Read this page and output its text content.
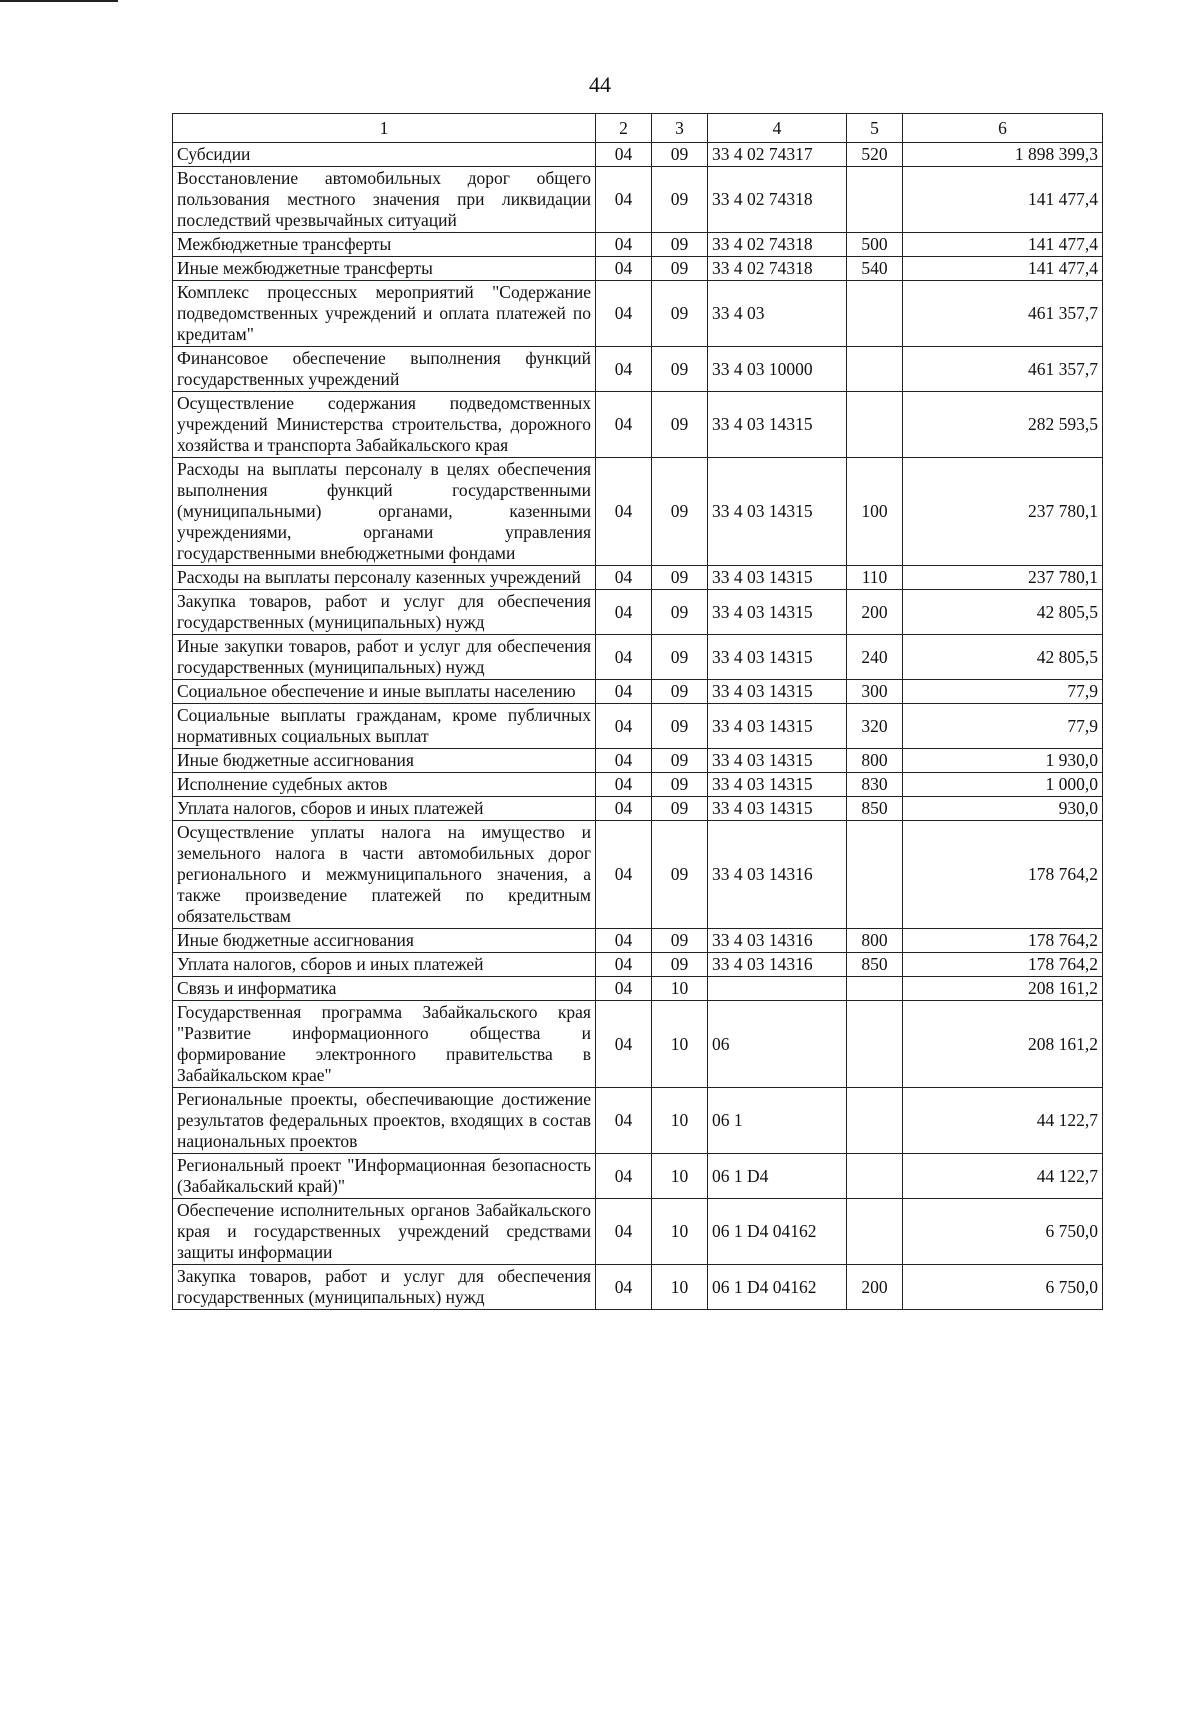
44
1	2	3	4	5	6
Субсидии	04	09	33 4 02 74317	520	1 898 399,3
Восстановление автомобильных дорог общего пользования местного значения при ликвидации последствий чрезвычайных ситуаций	04	09	33 4 02 74318		141 477,4
Межбюджетные трансферты	04	09	33 4 02 74318	500	141 477,4
Иные межбюджетные трансферты	04	09	33 4 02 74318	540	141 477,4
Комплекс процессных мероприятий "Содержание подведомственных учреждений и оплата платежей по кредитам"	04	09	33 4 03		461 357,7
Финансовое обеспечение выполнения функций государственных учреждений	04	09	33 4 03 10000		461 357,7
Осуществление содержания подведомственных учреждений Министерства строительства, дорожного хозяйства и транспорта Забайкальского края	04	09	33 4 03 14315		282 593,5
Расходы на выплаты персоналу в целях обеспечения выполнения функций государственными (муниципальными) органами, казенными учреждениями, органами управления государственными внебюджетными фондами	04	09	33 4 03 14315	100	237 780,1
Расходы на выплаты персоналу казенных учреждений	04	09	33 4 03 14315	110	237 780,1
Закупка товаров, работ и услуг для обеспечения государственных (муниципальных) нужд	04	09	33 4 03 14315	200	42 805,5
Иные закупки товаров, работ и услуг для обеспечения государственных (муниципальных) нужд	04	09	33 4 03 14315	240	42 805,5
Социальное обеспечение и иные выплаты населению	04	09	33 4 03 14315	300	77,9
Социальные выплаты гражданам, кроме публичных нормативных социальных выплат	04	09	33 4 03 14315	320	77,9
Иные бюджетные ассигнования	04	09	33 4 03 14315	800	1 930,0
Исполнение судебных актов	04	09	33 4 03 14315	830	1 000,0
Уплата налогов, сборов и иных платежей	04	09	33 4 03 14315	850	930,0
Осуществление уплаты налога на имущество и земельного налога в части автомобильных дорог регионального и межмуниципального значения, а также произведение платежей по кредитным обязательствам	04	09	33 4 03 14316		178 764,2
Иные бюджетные ассигнования	04	09	33 4 03 14316	800	178 764,2
Уплата налогов, сборов и иных платежей	04	09	33 4 03 14316	850	178 764,2
Связь и информатика	04	10			208 161,2
Государственная программа Забайкальского края "Развитие информационного общества и формирование электронного правительства в Забайкальском крае"	04	10	06		208 161,2
Региональные проекты, обеспечивающие достижение результатов федеральных проектов, входящих в состав национальных проектов	04	10	06 1		44 122,7
Региональный проект "Информационная безопасность (Забайкальский край)"	04	10	06 1 D4		44 122,7
Обеспечение исполнительных органов Забайкальского края и государственных учреждений средствами защиты информации	04	10	06 1 D4 04162		6 750,0
Закупка товаров, работ и услуг для обеспечения государственных (муниципальных) нужд	04	10	06 1 D4 04162	200	6 750,0
